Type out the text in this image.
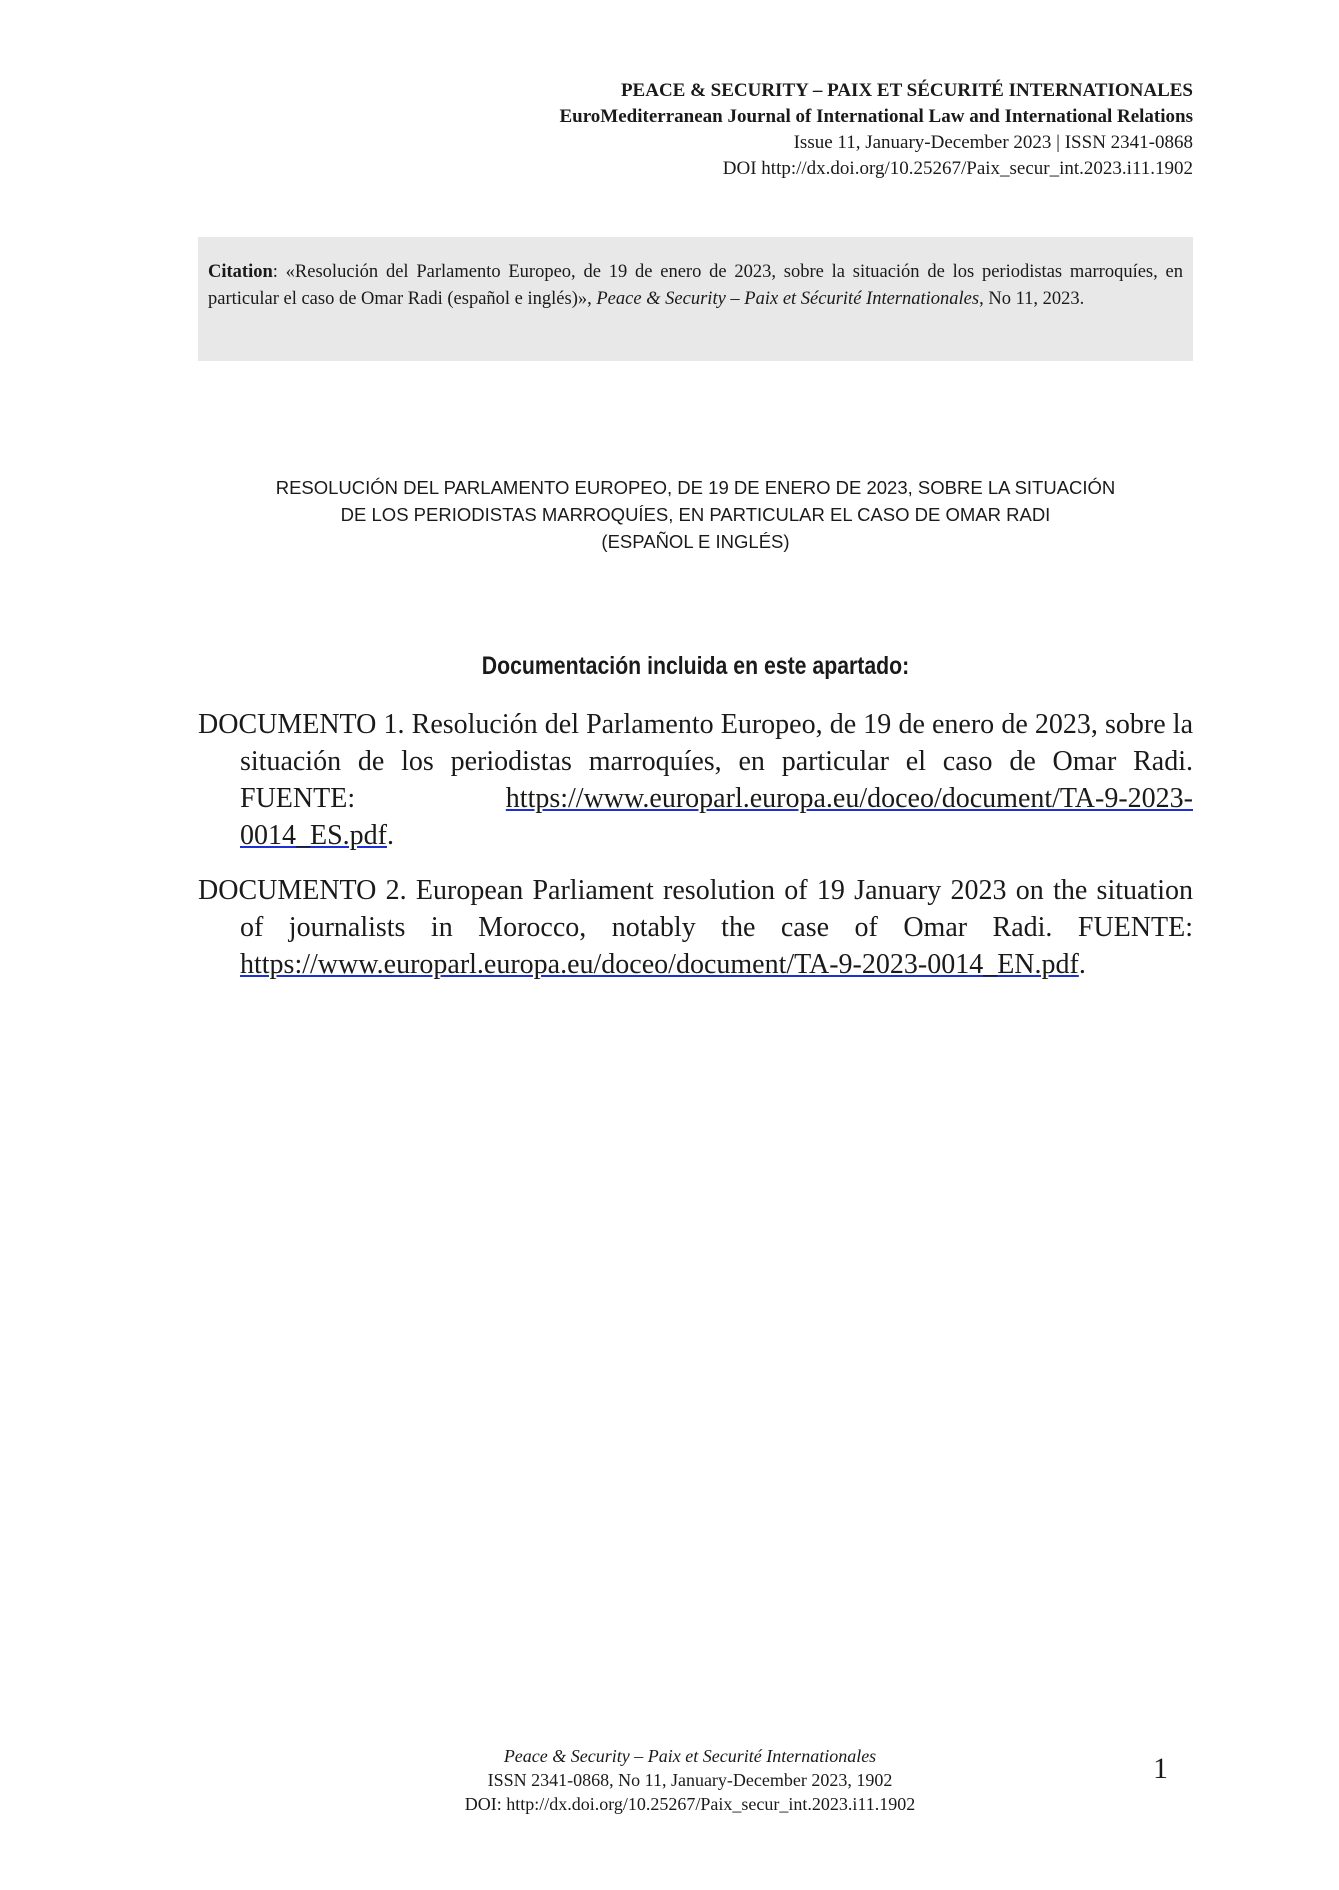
PEACE & SECURITY – PAIX ET SÉCURITÉ INTERNATIONALES
EuroMediterranean Journal of International Law and International Relations
Issue 11, January-December 2023 | ISSN 2341-0868
DOI http://dx.doi.org/10.25267/Paix_secur_int.2023.i11.1902
Citation: «Resolución del Parlamento Europeo, de 19 de enero de 2023, sobre la situación de los periodistas marroquíes, en particular el caso de Omar Radi (español e inglés)», Peace & Security – Paix et Sécurité Internationales, No 11, 2023.
RESOLUCIÓN DEL PARLAMENTO EUROPEO, DE 19 DE ENERO DE 2023, SOBRE LA SITUACIÓN
DE LOS PERIODISTAS MARROQUÍES, EN PARTICULAR EL CASO DE OMAR RADI
(ESPAÑOL E INGLÉS)
Documentación incluida en este apartado:

DOCUMENTO 1. Resolución del Parlamento Europeo, de 19 de enero de 2023, sobre la situación de los periodistas marroquíes, en particular el caso de Omar Radi. FUENTE: https://www.europarl.europa.eu/doceo/document/TA-9-2023-0014_ES.pdf.

DOCUMENTO 2. European Parliament resolution of 19 January 2023 on the situation of journalists in Morocco, notably the case of Omar Radi. FUENTE: https://www.europarl.europa.eu/doceo/document/TA-9-2023-0014_EN.pdf.

Peace & Security – Paix et Securité Internationales
ISSN 2341-0868, No 11, January-December 2023, 1902
DOI: http://dx.doi.org/10.25267/Paix_secur_int.2023.i11.1902
1
